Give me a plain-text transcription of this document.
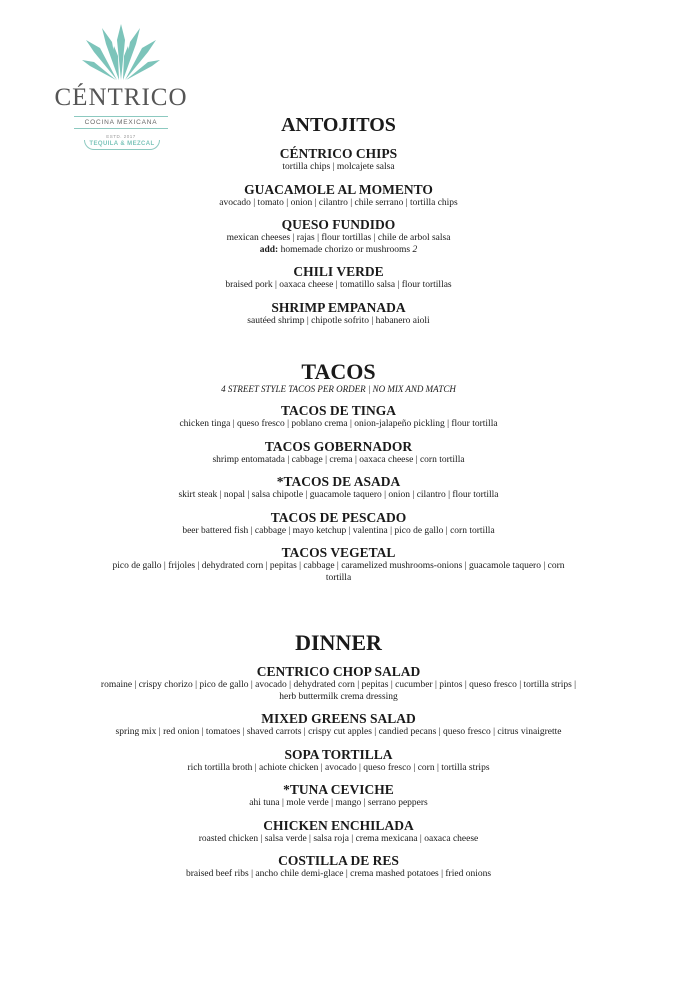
CÉNTRICO
COCINA MEXICANA
ESTD. 2017
TEQUILA & MEZCAL
ANTOJITOS
CÉNTRICO CHIPS
tortilla chips | molcajete salsa
GUACAMOLE AL MOMENTO
avocado | tomato | onion | cilantro | chile serrano | tortilla chips
QUESO FUNDIDO
mexican cheeses | rajas | flour tortillas | chile de arbol salsa
add: homemade chorizo or mushrooms 2
CHILI VERDE
braised pork | oaxaca cheese | tomatillo salsa | flour tortillas
SHRIMP EMPANADA
sautéed shrimp | chipotle sofrito | habanero aioli
TACOS
4 STREET STYLE TACOS PER ORDER | NO MIX AND MATCH
TACOS DE TINGA
chicken tinga | queso fresco | poblano crema | onion-jalapeño pickling | flour tortilla
TACOS GOBERNADOR
shrimp entomatada | cabbage | crema | oaxaca cheese | corn tortilla
*TACOS DE ASADA
skirt steak | nopal | salsa chipotle | guacamole taquero | onion | cilantro | flour tortilla
TACOS DE PESCADO
beer battered fish | cabbage | mayo ketchup | valentina | pico de gallo | corn tortilla
TACOS VEGETAL
pico de gallo | frijoles | dehydrated corn | pepitas | cabbage | caramelized mushrooms-onions | guacamole taquero | corn tortilla
DINNER
CENTRICO CHOP SALAD
romaine | crispy chorizo | pico de gallo | avocado | dehydrated corn | pepitas | cucumber | pintos | queso fresco | tortilla strips | herb buttermilk crema dressing
MIXED GREENS SALAD
spring mix | red onion | tomatoes | shaved carrots | crispy cut apples | candied pecans | queso fresco | citrus vinaigrette
SOPA TORTILLA
rich tortilla broth | achiote chicken | avocado | queso fresco | corn | tortilla strips
*TUNA CEVICHE
ahi tuna | mole verde | mango | serrano peppers
CHICKEN ENCHILADA
roasted chicken | salsa verde | salsa roja | crema mexicana | oaxaca cheese
COSTILLA DE RES
braised beef ribs | ancho chile demi-glace | crema mashed potatoes | fried onions
